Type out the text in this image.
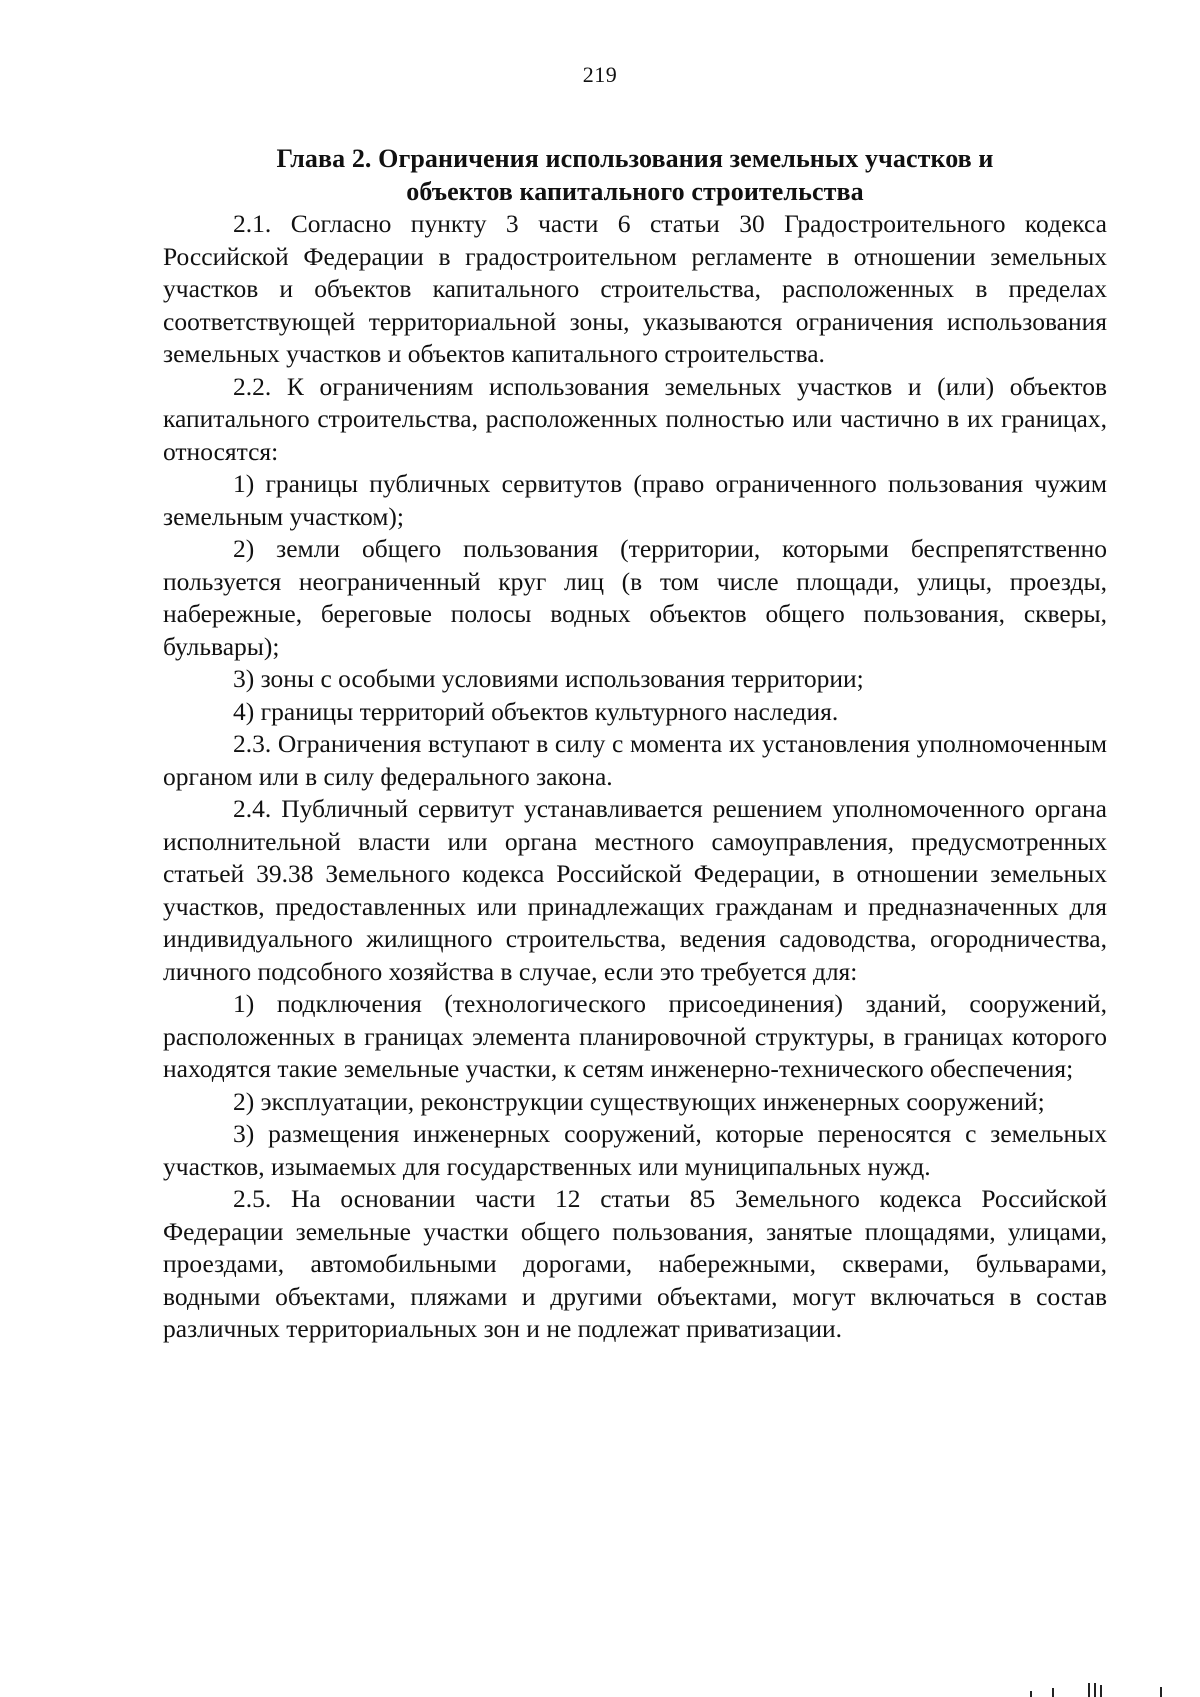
219
Глава 2. Ограничения использования земельных участков и
объектов капитального строительства

2.1. Согласно пункту 3 части 6 статьи 30 Градостроительного кодекса Российской Федерации в градостроительном регламенте в отношении земельных участков и объектов капитального строительства, расположенных в пределах соответствующей территориальной зоны, указываются ограничения использования земельных участков и объектов капитального строительства.

2.2. К ограничениям использования земельных участков и (или) объектов капитального строительства, расположенных полностью или частично в их границах, относятся:

1) границы публичных сервитутов (право ограниченного пользования чужим земельным участком);

2) земли общего пользования (территории, которыми беспрепятственно пользуется неограниченный круг лиц (в том числе площади, улицы, проезды, набережные, береговые полосы водных объектов общего пользования, скверы, бульвары);

3) зоны с особыми условиями использования территории;

4) границы территорий объектов культурного наследия.

2.3. Ограничения вступают в силу с момента их установления уполномоченным органом или в силу федерального закона.

2.4. Публичный сервитут устанавливается решением уполномоченного органа исполнительной власти или органа местного самоуправления, предусмотренных статьей 39.38 Земельного кодекса Российской Федерации, в отношении земельных участков, предоставленных или принадлежащих гражданам и предназначенных для индивидуального жилищного строительства, ведения садоводства, огородничества, личного подсобного хозяйства в случае, если это требуется для:

1) подключения (технологического присоединения) зданий, сооружений, расположенных в границах элемента планировочной структуры, в границах которого находятся такие земельные участки, к сетям инженерно-технического обеспечения;

2) эксплуатации, реконструкции существующих инженерных сооружений;

3) размещения инженерных сооружений, которые переносятся с земельных участков, изымаемых для государственных или муниципальных нужд.

2.5. На основании части 12 статьи 85 Земельного кодекса Российской Федерации земельные участки общего пользования, занятые площадями, улицами, проездами, автомобильными дорогами, набережными, скверами, бульварами, водными объектами, пляжами и другими объектами, могут включаться в состав различных территориальных зон и не подлежат приватизации.
